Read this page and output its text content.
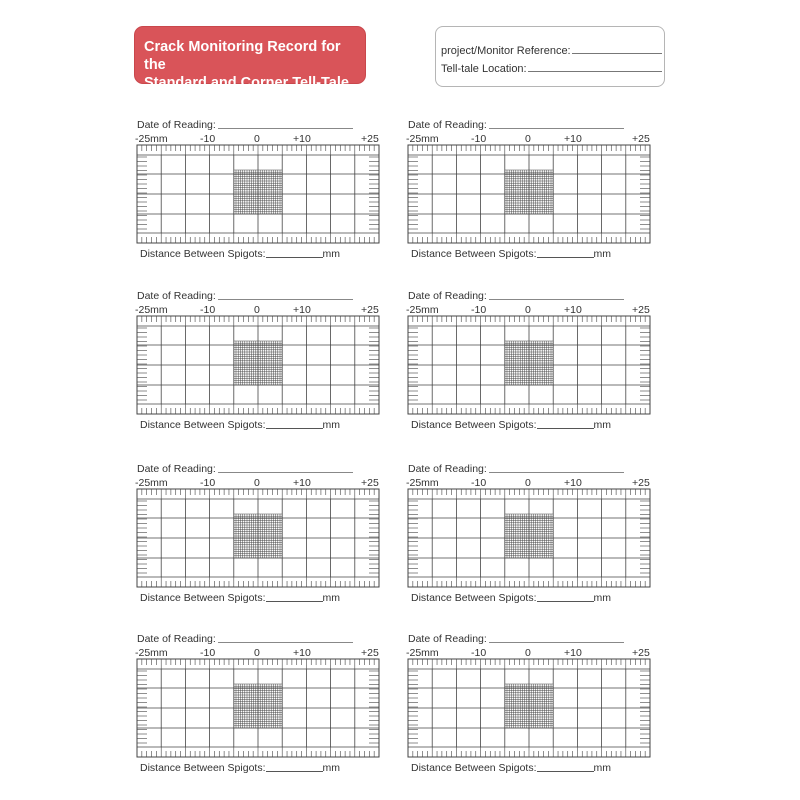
Crack Monitoring Record for the
Standard and Corner Tell-Tale
project/Monitor Reference:
Tell-tale Location:
Date of Reading:
-25mm	-10	0	+10	+25
Distance Between Spigots:	mm
Date of Reading:
-25mm	-10	0	+10	+25
Distance Between Spigots:	mm
Date of Reading:
-25mm	-10	0	+10	+25
Distance Between Spigots:	mm
Date of Reading:
-25mm	-10	0	+10	+25
Distance Between Spigots:	mm
Date of Reading:
-25mm	-10	0	+10	+25
Distance Between Spigots:	mm
Date of Reading:
-25mm	-10	0	+10	+25
Distance Between Spigots:	mm
Date of Reading:
-25mm	-10	0	+10	+25
Distance Between Spigots:	mm
Date of Reading:
-25mm	-10	0	+10	+25
Distance Between Spigots:	mm
